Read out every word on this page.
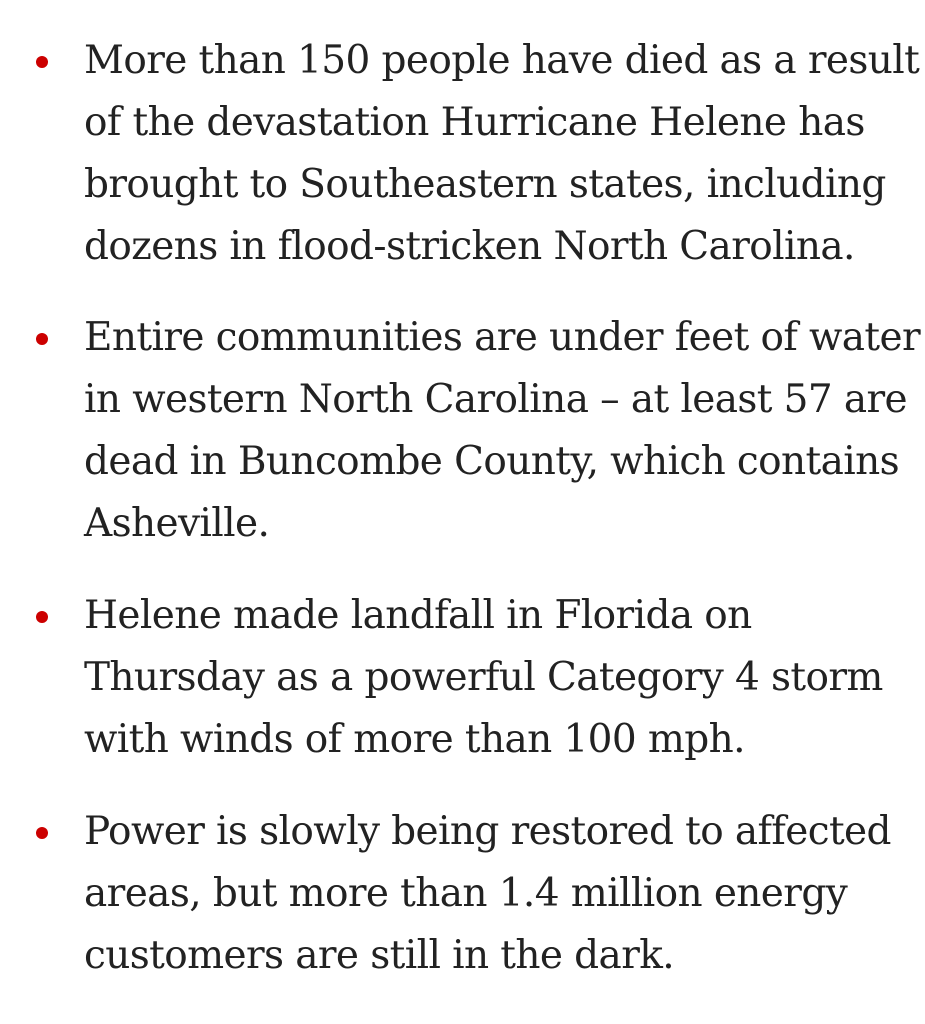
More than 150 people have died as a result
of the devastation Hurricane Helene has
brought to Southeastern states, including
dozens in flood-stricken North Carolina.

Entire communities are under feet of water
in western North Carolina – at least 57 are
dead in Buncombe County, which contains
Asheville.

Helene made landfall in Florida on
Thursday as a powerful Category 4 storm
with winds of more than 100 mph.

Power is slowly being restored to affected
areas, but more than 1.4 million energy
customers are still in the dark.
